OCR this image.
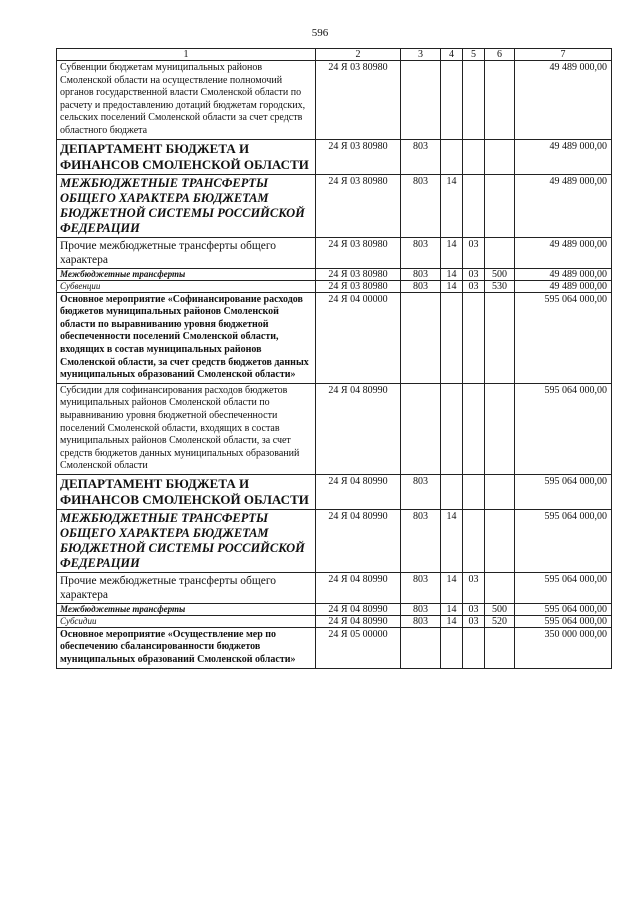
596
1	2	3	4	5	6	7
Субвенции бюджетам муниципальных районов Смоленской области на осуществление полномочий органов государственной власти Смоленской области по расчету и предоставлению дотаций бюджетам городских, сельских поселений Смоленской области за счет средств областного бюджета	24 Я 03 80980					49 489 000,00
ДЕПАРТАМЕНТ БЮДЖЕТА И ФИНАНСОВ СМОЛЕНСКОЙ ОБЛАСТИ	24 Я 03 80980	803				49 489 000,00
МЕЖБЮДЖЕТНЫЕ ТРАНСФЕРТЫ ОБЩЕГО ХАРАКТЕРА БЮДЖЕТАМ БЮДЖЕТНОЙ СИСТЕМЫ РОССИЙСКОЙ ФЕДЕРАЦИИ	24 Я 03 80980	803	14			49 489 000,00
Прочие межбюджетные трансферты общего характера	24 Я 03 80980	803	14	03		49 489 000,00
Межбюджетные трансферты	24 Я 03 80980	803	14	03	500	49 489 000,00
Субвенции	24 Я 03 80980	803	14	03	530	49 489 000,00
Основное мероприятие «Софинансирование расходов бюджетов муниципальных районов Смоленской области по выравниванию уровня бюджетной обеспеченности поселений Смоленской области, входящих в состав муниципальных районов Смоленской области, за счет средств бюджетов данных муниципальных образований Смоленской области»	24 Я 04 00000					595 064 000,00
Субсидии для софинансирования расходов бюджетов муниципальных районов Смоленской области по выравниванию уровня бюджетной обеспеченности поселений Смоленской области, входящих в состав муниципальных районов Смоленской области, за счет средств бюджетов данных муниципальных образований Смоленской области	24 Я 04 80990					595 064 000,00
ДЕПАРТАМЕНТ БЮДЖЕТА И ФИНАНСОВ СМОЛЕНСКОЙ ОБЛАСТИ	24 Я 04 80990	803				595 064 000,00
МЕЖБЮДЖЕТНЫЕ ТРАНСФЕРТЫ ОБЩЕГО ХАРАКТЕРА БЮДЖЕТАМ БЮДЖЕТНОЙ СИСТЕМЫ РОССИЙСКОЙ ФЕДЕРАЦИИ	24 Я 04 80990	803	14			595 064 000,00
Прочие межбюджетные трансферты общего характера	24 Я 04 80990	803	14	03		595 064 000,00
Межбюджетные трансферты	24 Я 04 80990	803	14	03	500	595 064 000,00
Субсидии	24 Я 04 80990	803	14	03	520	595 064 000,00
Основное мероприятие «Осуществление мер по обеспечению сбалансированности бюджетов муниципальных образований Смоленской области»	24 Я 05 00000					350 000 000,00
